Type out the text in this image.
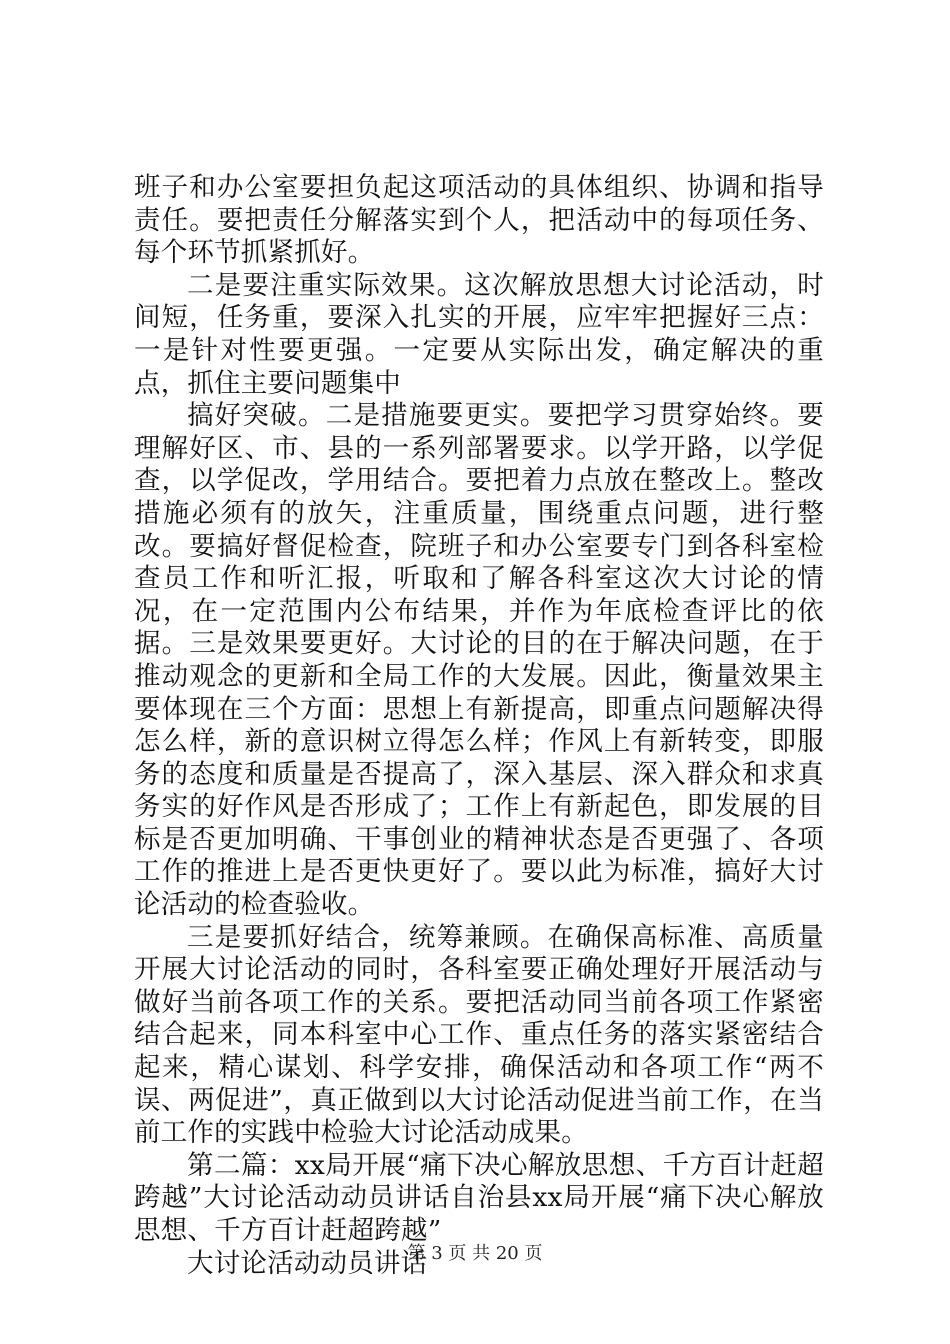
班子和办公室要担负起这项活动的具体组织、协调和指导责任。要把责任分解落实到个人，把活动中的每项任务、每个环节抓紧抓好。

二是要注重实际效果。这次解放思想大讨论活动，时间短，任务重，要深入扎实的开展，应牢牢把握好三点：一是针对性要更强。一定要从实际出发，确定解决的重点，抓住主要问题集中

搞好突破。二是措施要更实。要把学习贯穿始终。要理解好区、市、县的一系列部署要求。以学开路，以学促查，以学促改，学用结合。要把着力点放在整改上。整改措施必须有的放矢，注重质量，围绕重点问题，进行整改。要搞好督促检查，院班子和办公室要专门到各科室检查员工作和听汇报，听取和了解各科室这次大讨论的情况，在一定范围内公布结果，并作为年底检查评比的依据。三是效果要更好。大讨论的目的在于解决问题，在于推动观念的更新和全局工作的大发展。因此，衡量效果主要体现在三个方面：思想上有新提高，即重点问题解决得怎么样，新的意识树立得怎么样；作风上有新转变，即服务的态度和质量是否提高了，深入基层、深入群众和求真务实的好作风是否形成了；工作上有新起色，即发展的目标是否更加明确、干事创业的精神状态是否更强了、各项工作的推进上是否更快更好了。要以此为标准，搞好大讨论活动的检查验收。

三是要抓好结合，统筹兼顾。在确保高标准、高质量开展大讨论活动的同时，各科室要正确处理好开展活动与做好当前各项工作的关系。要把活动同当前各项工作紧密结合起来，同本科室中心工作、重点任务的落实紧密结合起来，精心谋划、科学安排，确保活动和各项工作“两不误、两促进”，真正做到以大讨论活动促进当前工作，在当前工作的实践中检验大讨论活动成果。

第二篇：xx局开展“痛下决心解放思想、千方百计赶超跨越”大讨论活动动员讲话自治县xx局开展“痛下决心解放思想、千方百计赶超跨越”

大讨论活动动员讲话

第 3 页 共 20 页
